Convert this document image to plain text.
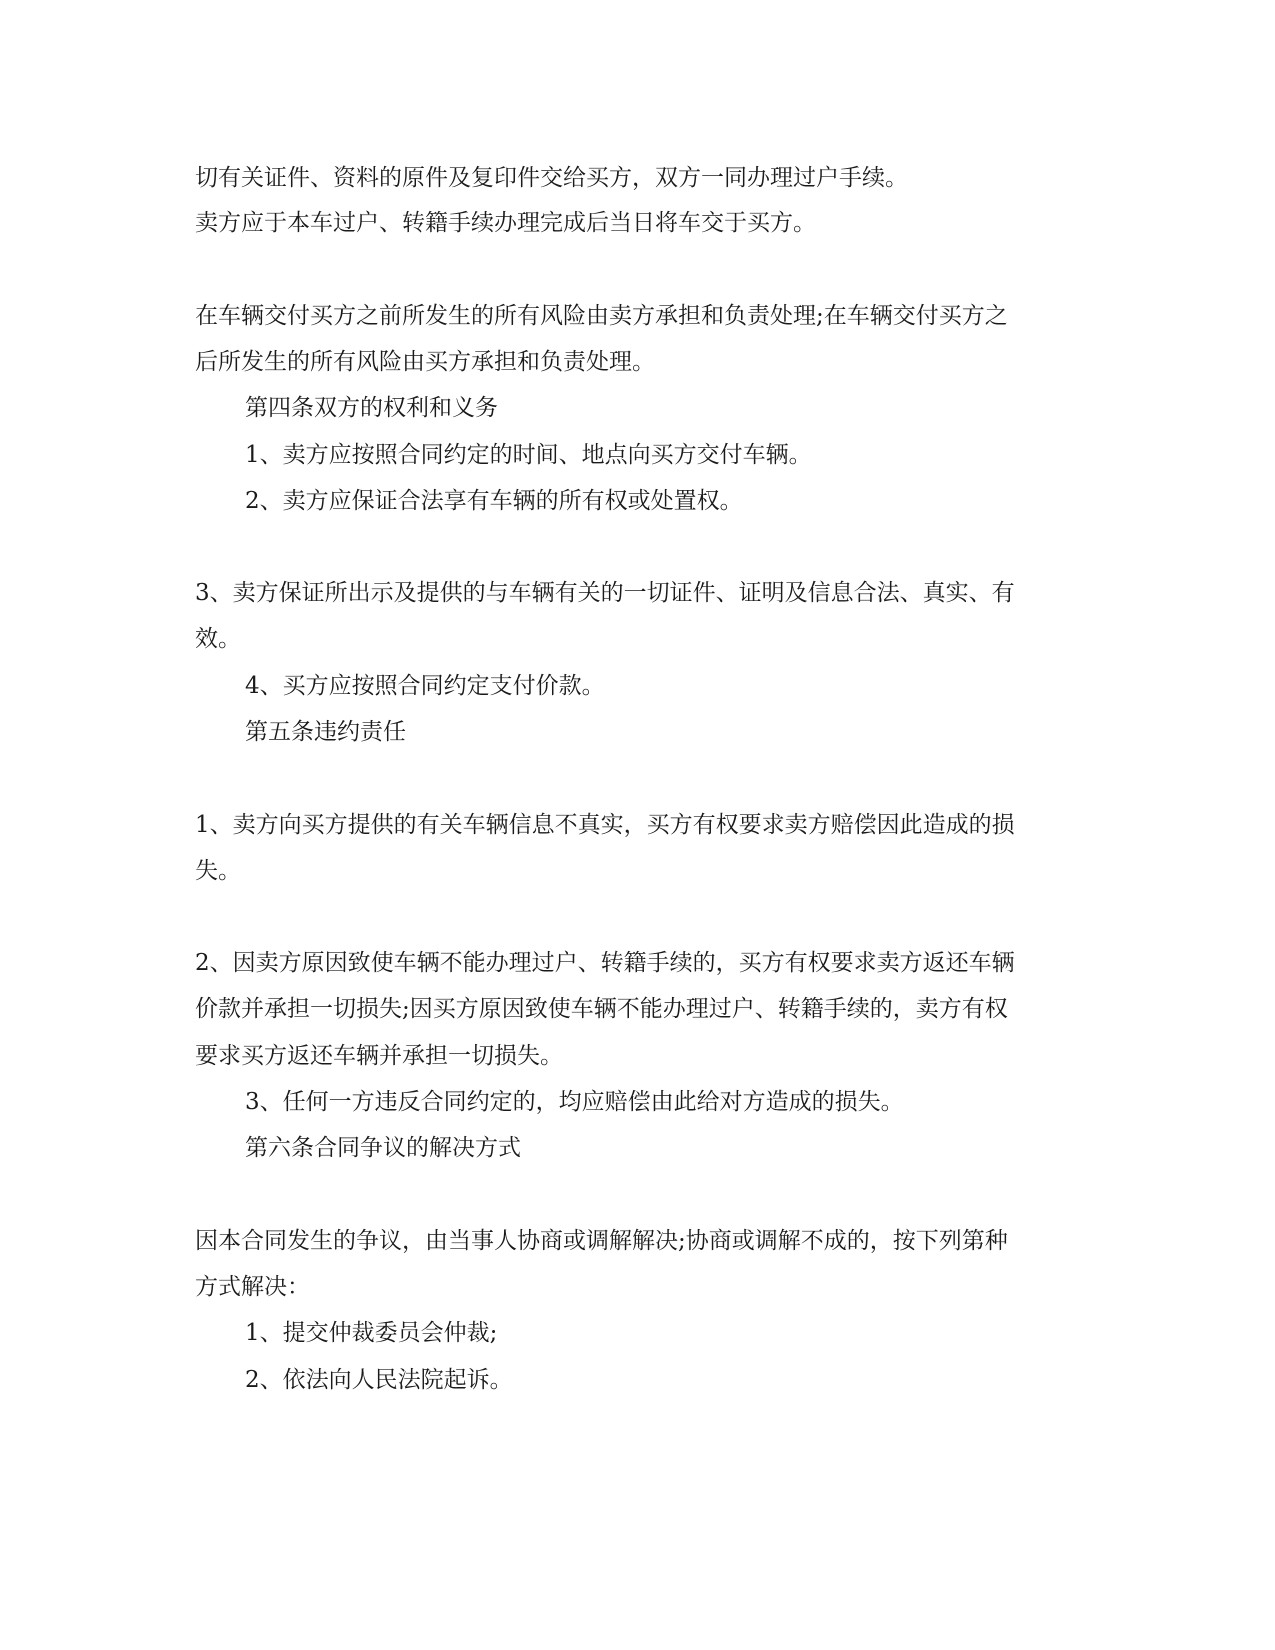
切有关证件、资料的原件及复印件交给买方，双方一同办理过户手续。
卖方应于本车过户、转籍手续办理完成后当日将车交于买方。
在车辆交付买方之前所发生的所有风险由卖方承担和负责处理;在车辆交付买方之
后所发生的所有风险由买方承担和负责处理。
第四条双方的权利和义务
1、卖方应按照合同约定的时间、地点向买方交付车辆。
2、卖方应保证合法享有车辆的所有权或处置权。
3、卖方保证所出示及提供的与车辆有关的一切证件、证明及信息合法、真实、有
效。
4、买方应按照合同约定支付价款。
第五条违约责任
1、卖方向买方提供的有关车辆信息不真实，买方有权要求卖方赔偿因此造成的损
失。
2、因卖方原因致使车辆不能办理过户、转籍手续的，买方有权要求卖方返还车辆
价款并承担一切损失;因买方原因致使车辆不能办理过户、转籍手续的，卖方有权
要求买方返还车辆并承担一切损失。
3、任何一方违反合同约定的，均应赔偿由此给对方造成的损失。
第六条合同争议的解决方式
因本合同发生的争议，由当事人协商或调解解决;协商或调解不成的，按下列第种
方式解决：
1、提交仲裁委员会仲裁;
2、依法向人民法院起诉。
